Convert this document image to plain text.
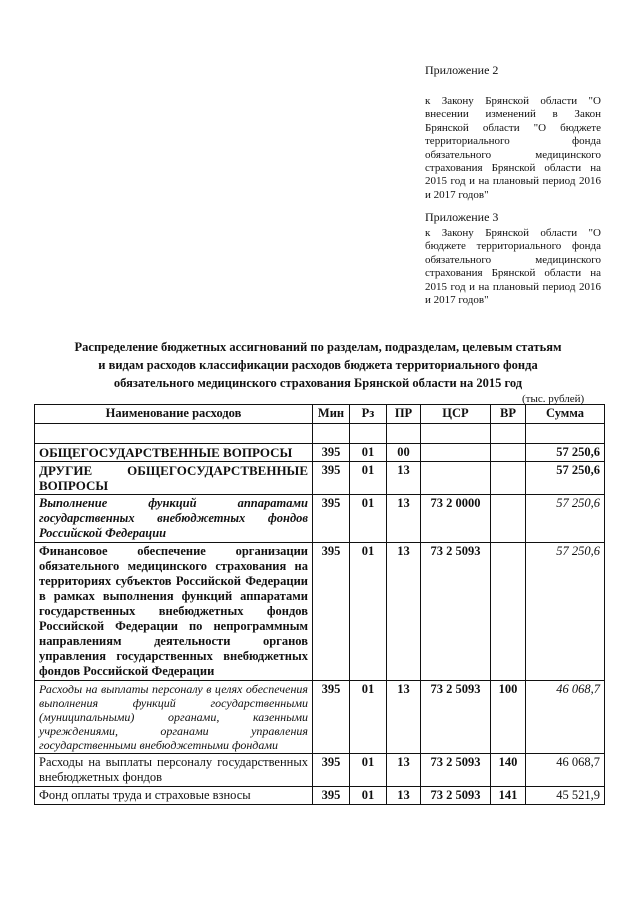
Приложение 2
к Закону Брянской области "О внесении изменений в Закон Брянской области "О бюджете территориального фонда обязательного медицинского страхования Брянской области на 2015 год и на плановый период 2016 и 2017 годов"
Приложение 3
к Закону Брянской области "О бюджете территориального фонда обязательного медицинского страхования Брянской области на 2015 год и на плановый период 2016 и 2017 годов"
Распределение бюджетных ассигнований по разделам, подразделам, целевым статьям
и видам расходов классификации расходов бюджета территориального фонда
обязательного медицинского страхования Брянской области на 2015 год
(тыс. рублей)
Наименование расходов	Мин	Рз	ПР	ЦСР	ВР	Сумма

ОБЩЕГОСУДАРСТВЕННЫЕ ВОПРОСЫ	395	01	00			57 250,6
ДРУГИЕ ОБЩЕГОСУДАРСТВЕННЫЕ ВОПРОСЫ	395	01	13			57 250,6
Выполнение функций аппаратами государственных внебюджетных фондов Российской Федерации	395	01	13	73 2 0000		57 250,6
Финансовое обеспечение организации обязательного медицинского страхования на территориях субъектов Российской Федерации в рамках выполнения функций аппаратами государственных внебюджетных фондов Российской Федерации по непрограммным направлениям деятельности органов управления государственных внебюджетных фондов Российской Федерации	395	01	13	73 2 5093		57 250,6
Расходы на выплаты персоналу в целях обеспечения выполнения функций государственными (муниципальными) органами, казенными учреждениями, органами управления государственными внебюджетными фондами	395	01	13	73 2 5093	100	46 068,7
Расходы на выплаты персоналу государственных внебюджетных фондов	395	01	13	73 2 5093	140	46 068,7
Фонд оплаты труда и страховые взносы	395	01	13	73 2 5093	141	45 521,9
